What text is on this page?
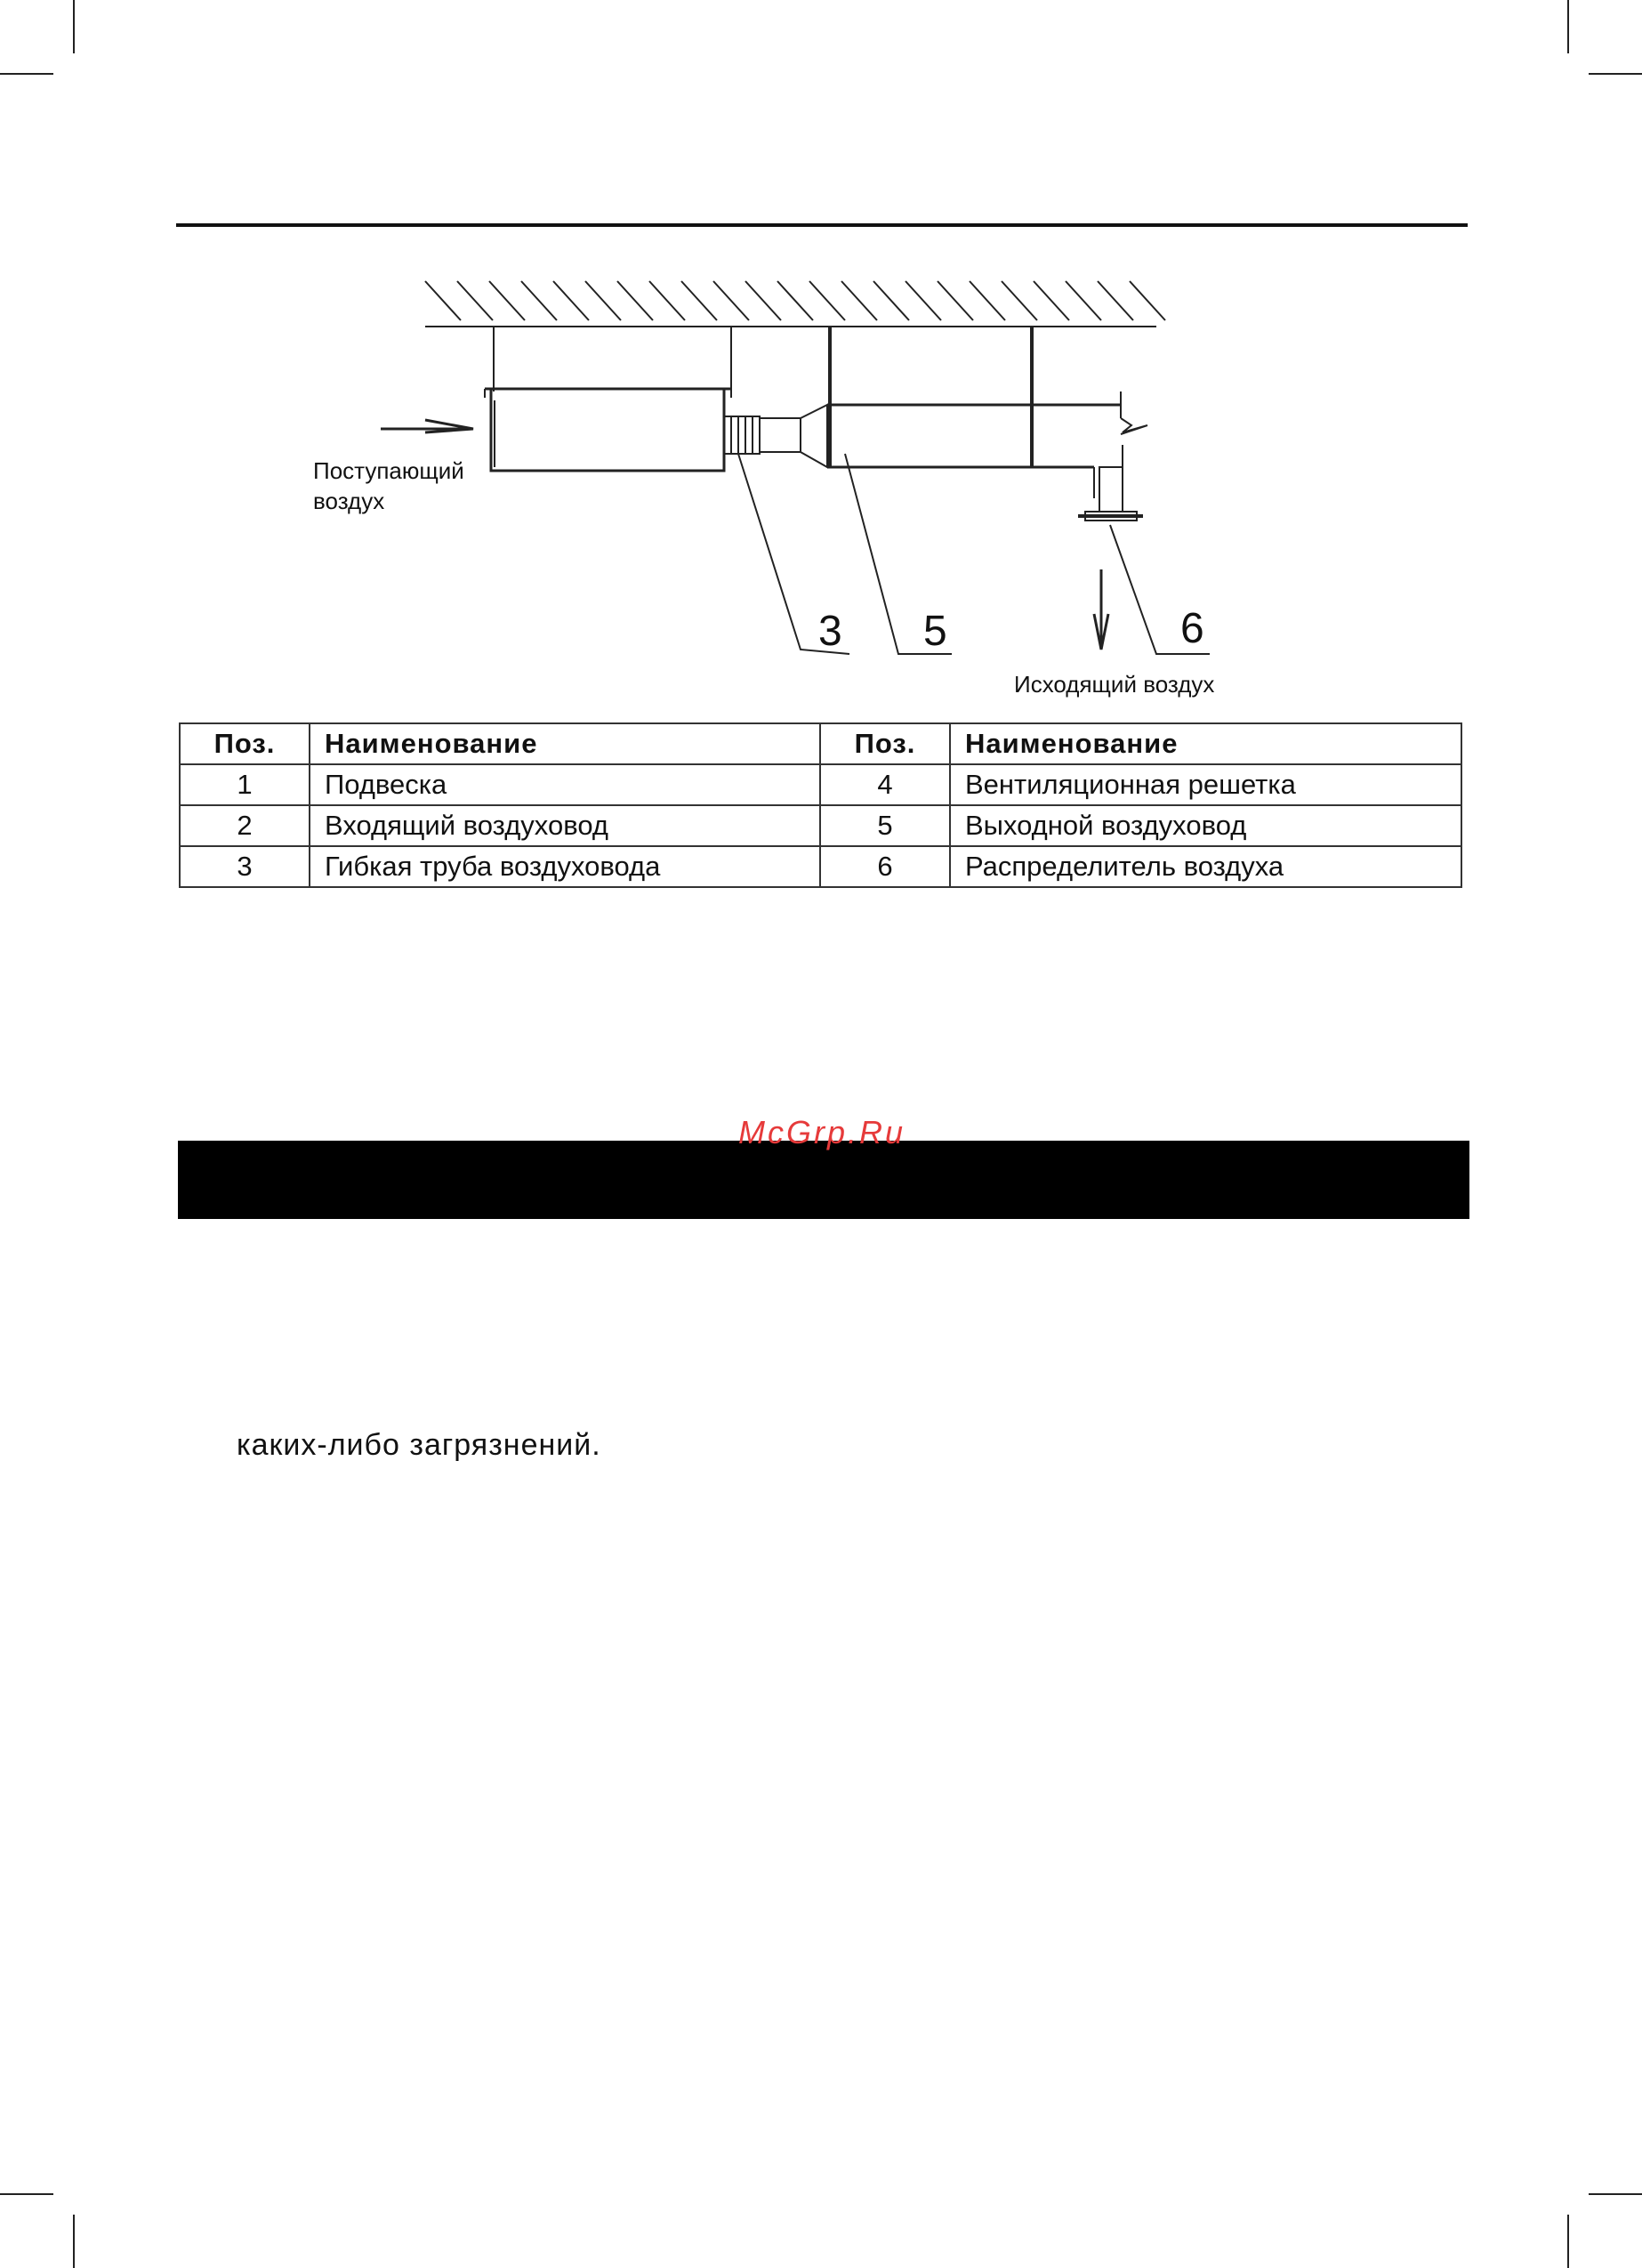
3 5	6
Поступающий
воздух
Исходящий воздух
Поз.	Наименование	Поз.	Наименование
1	Подвеска	4	Вентиляционная решетка
2	Входящий воздуховод	5	Выходной воздуховод
3	Гибкая труба воздуховода	6	Распределитель воздуха
McGrp.Ru
каких-либо загрязнений.
